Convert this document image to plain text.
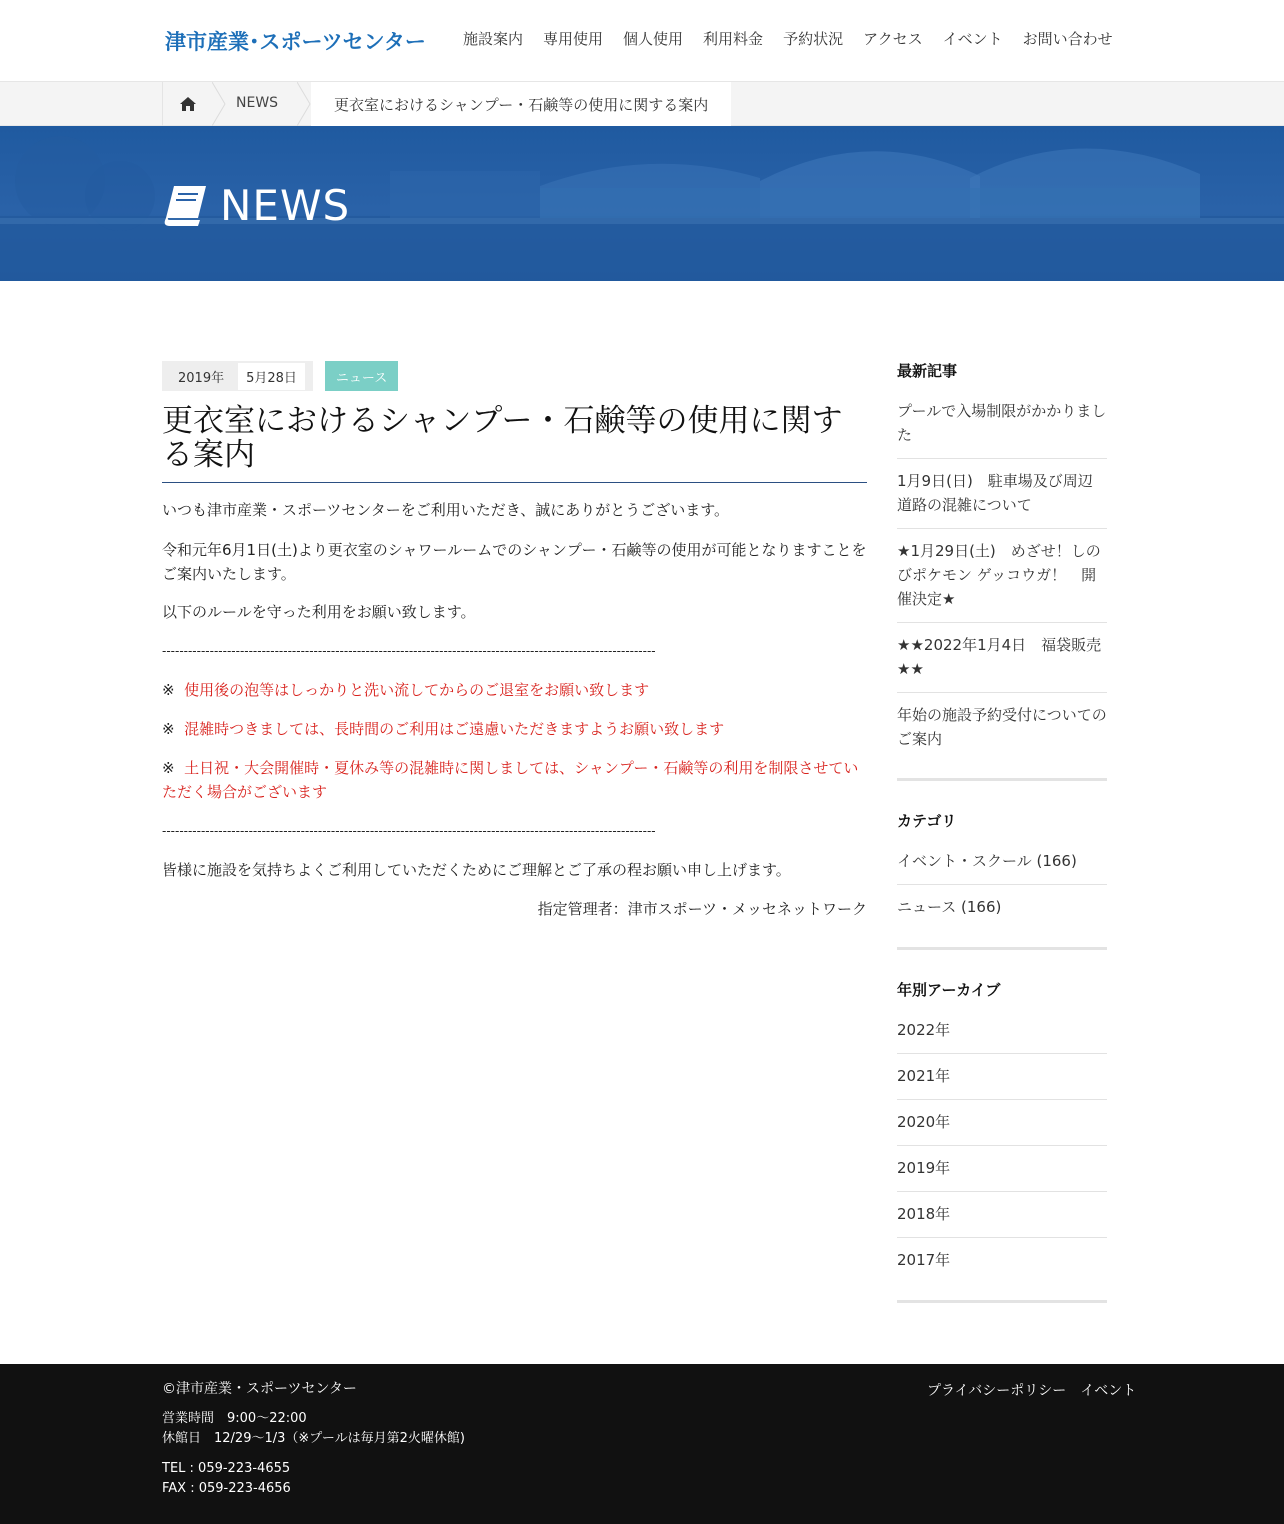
津市産業･スポーツセンター 施設案内 専用使用 個人使用 利用料金 予約状況 アクセス イベント お問い合わせ
NEWS	更衣室におけるシャンプー・石鹸等の使用に関する案内
NEWS
2019年	5月28日	ニュース
更衣室におけるシャンプー・石鹸等の使用に関する案内

いつも津市産業・スポーツセンターをご利用いただき、誠にありがとうございます。

令和元年6月1日(土)より更衣室のシャワールームでのシャンプー・石鹸等の使用が可能となりますことをご案内いたします。

以下のルールを守った利用をお願い致します。

------------------------------------------------------------------------------------------------------------------

※ 使用後の泡等はしっかりと洗い流してからのご退室をお願い致します

※ 混雑時つきましては、長時間のご利用はご遠慮いただきますようお願い致します

※ 土日祝・大会開催時・夏休み等の混雑時に関しましては、シャンプー・石鹸等の利用を制限させていただく場合がございます

------------------------------------------------------------------------------------------------------------------

皆様に施設を気持ちよくご利用していただくためにご理解とご了承の程お願い申し上げます。

指定管理者：津市スポーツ・メッセネットワーク

最新記事
プールで入場制限がかかりました
1月9日(日)　駐車場及び周辺道路の混雑について
★1月29日(土)　めざせ！しのびポケモン ゲッコウガ！　開催決定★
★★2022年1月4日　福袋販売★★
年始の施設予約受付についてのご案内
カテゴリ
イベント・スクール (166)
ニュース (166)
年別アーカイブ
2022年
2021年
2020年
2019年
2018年
2017年
©津市産業・スポーツセンター
営業時間　9:00～22:00
休館日　12/29～1/3（※プールは毎月第2火曜休館)
TEL : 059-223-4655
FAX : 059-223-4656
プライバシーポリシー イベント
